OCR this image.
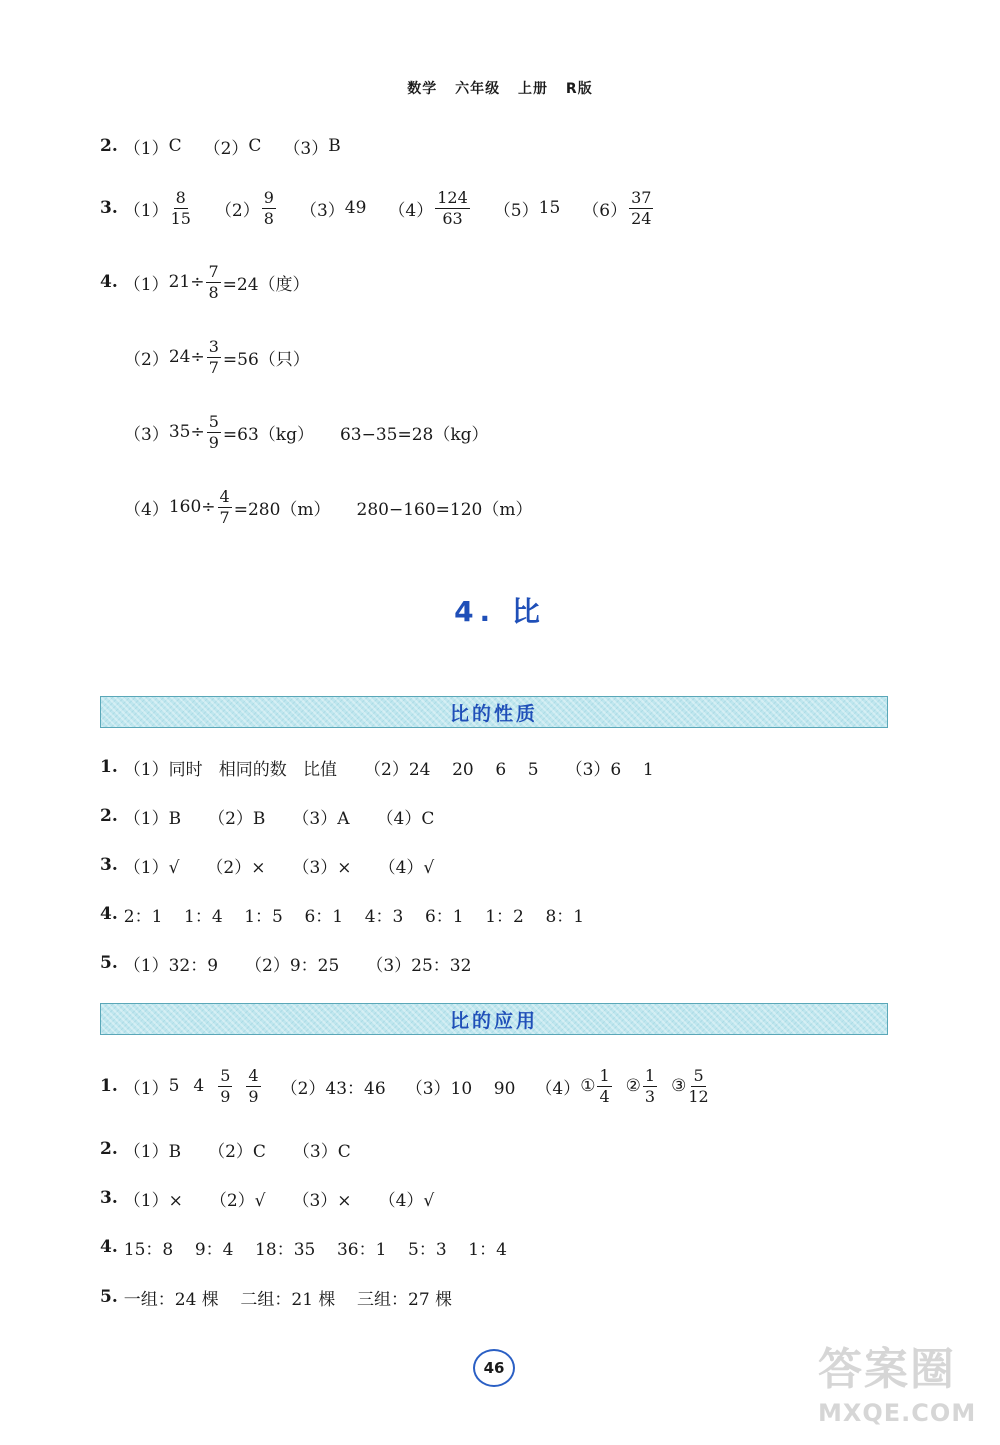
数学 六年级 上册 R版
2. （1） C （2） C （3） B
3. $(1) \frac{8}{15} (2) \frac{9}{8} (3)$ 49 $(4) \frac{124}{63} (5)$ 15 $(6) \frac{37}{24}$
4. （1） $21\div \frac{7}{8} =24$（度）
（2） $24\div \frac{3}{7} =56$（只）
（3） $35\div \frac{5}{9} =63(kg)$ 63−35=28（kg）
（4） $160\div \frac{4}{7} =280(m)$ 280−160=120（m）
4. 比
比的性质
1. （1）同时   相同的数   比值     （2）24    20    6    5     （3）6    1
2. （1）B     （2）B     （3）A     （4）C
3. （1）√     （2）×     （3）×     （4）√
4. 2：1    1：4    1：5    6：1    4：3    6：1    1：2    8：1
5. （1）32：9     （2）9：25     （3）25：32
比的应用
1. （1） 5 $4 \frac{5}{9} \frac{4}{9} (2)43$：46 （3）10    90 （4） ① $\frac{1}{4}$ ② $\frac{1}{3}$ ③ $\frac{5}{12}$
2. （1）B     （2）C     （3）C
3. （1）×     （2）√     （3）×     （4）√
4. 15：8    9：4    18：35    36：1    5：3    1：4
5. 一组：24 棵    二组：21 棵    三组：27 棵
46	答案圈
MXQE.COM
